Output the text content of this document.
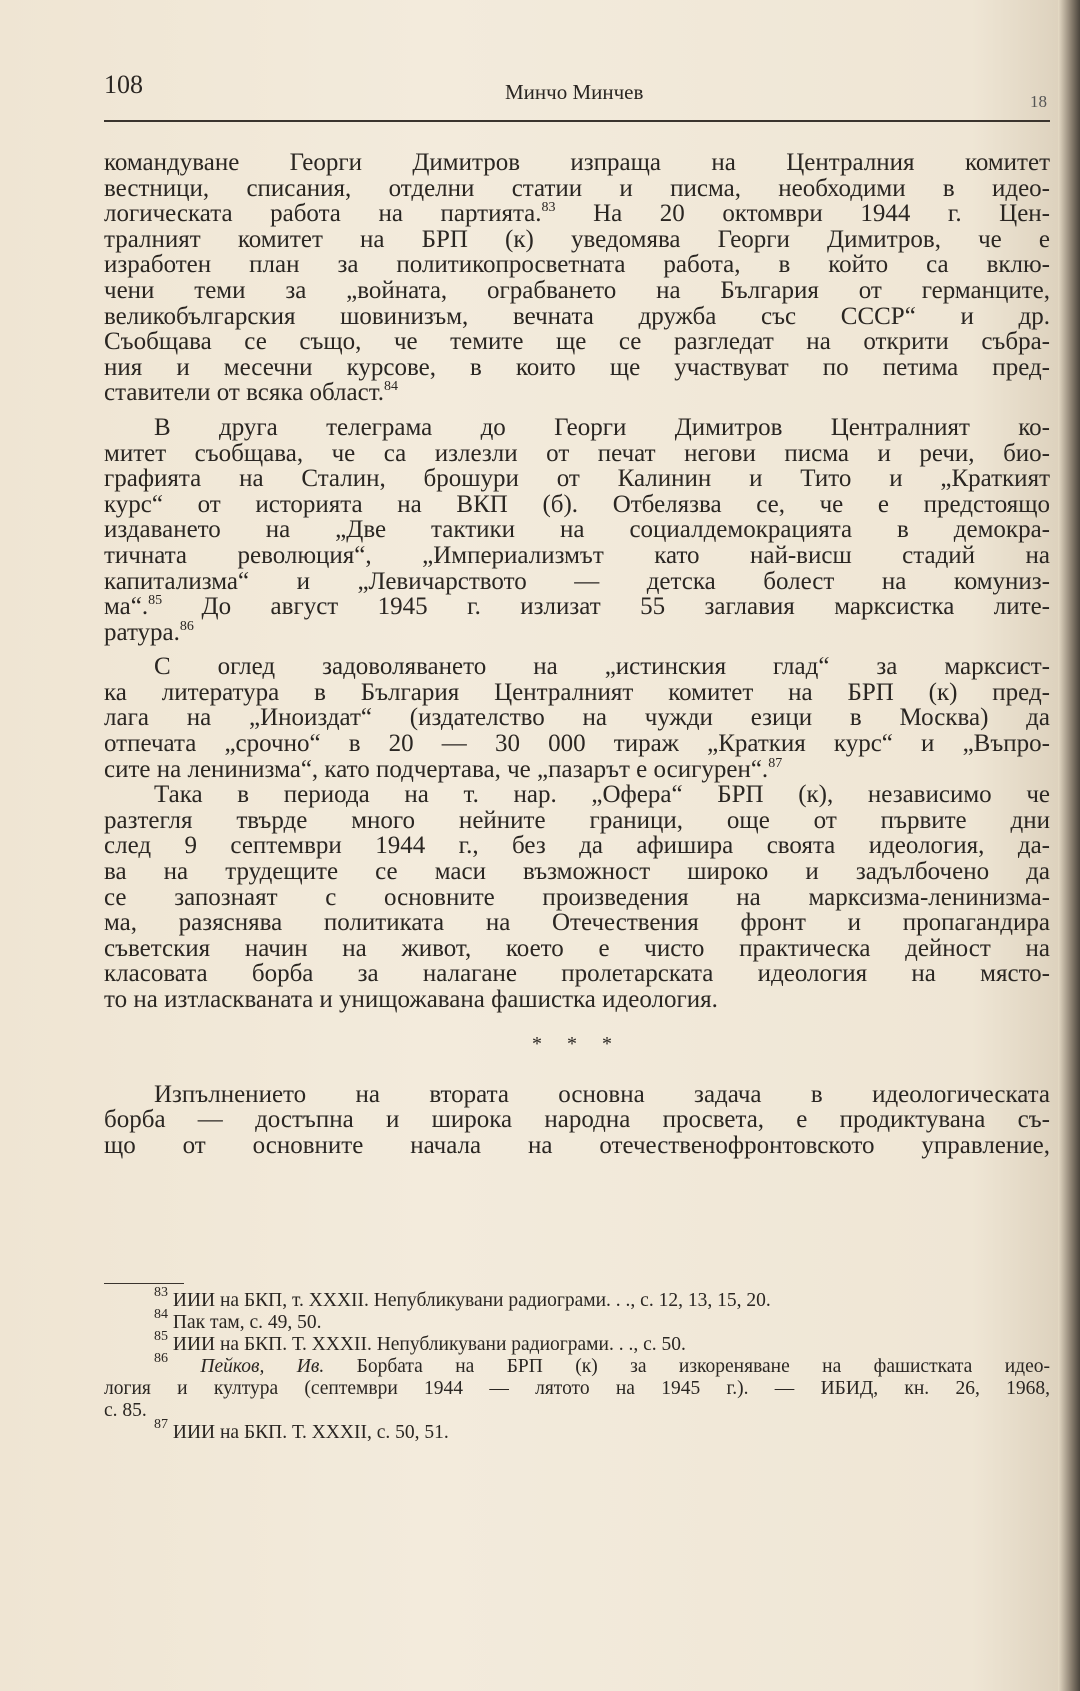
108	Минчо Минчев	18
командуване Георги Димитров изпраща на Централния комитет
вестници, списания, отделни статии и писма, необходими в идео-
логическата работа на партията.$^{83}$ На 20 октомври 1944 г. Цен-
тралният комитет на БРП (к) уведомява Георги Димитров, че е
изработен план за политикопросветната работа, в който са вклю-
чени теми за „войната, ограбването на България от германците,
великобългарския шовинизъм, вечната дружба със СССР“ и др.
Съобщава се също, че темите ще се разгледат на открити събра-
ния и месечни курсове, в които ще участвуват по петима пред-
ставители от всяка област.$^{84}$
В друга телеграма до Георги Димитров Централният ко-
митет съобщава, че са излезли от печат негови писма и речи, био-
графията на Сталин, брошури от Калинин и Тито и „Краткият
курс“ от историята на ВКП (б). Отбелязва се, че е предстоящо
издаването на „Две тактики на социалдемокрацията в демокра-
тичната революция“, „Империализмът като най-висш стадий на
капитализма“ и „Левичарството — детска болест на комуниз-
ма“.$^{85}$ До август 1945 г. излизат 55 заглавия марксистка лите-
ратура.$^{86}$
С оглед задоволяването на „истинския глад“ за марксист-
ка литература в България Централният комитет на БРП (к) пред-
лага на „Иноиздат“ (издателство на чужди езици в Москва) да
отпечата „срочно“ в 20 — 30 000 тираж „Краткия курс“ и „Въпро-
сите на ленинизма“, като подчертава, че „пазарът е осигурен“.$^{87}$
Така в периода на т. нар. „Офера“ БРП (к), независимо че
разтегля твърде много нейните граници, още от първите дни
след 9 септември 1944 г., без да афишира своята идеология, да-
ва на трудещите се маси възможност широко и задълбочено да
се запознаят с основните произведения на марксизма-ленинизма-
ма, разяснява политиката на Отечествения фронт и пропагандира
съветския начин на живот, което е чисто практическа дейност на
класовата борба за налагане пролетарската идеология на място-
то на изтласкваната и унищожавана фашистка идеология.
* * *
Изпълнението на втората основна задача в идеологическата
борба — достъпна и широка народна просвета, е продиктувана съ-
що от основните начала на отечественофронтовското управление,
$^{83}$ ИИИ на БКП, т. XXXII. Непубликувани радиограми. . ., с. 12, 13, 15, 20.
$^{84}$ Пак там, с. 49, 50.
$^{85}$ ИИИ на БКП. Т. XXXII. Непубликувани радиограми. . ., с. 50.
$^{86}$ Пейков, Ив. Борбата на БРП (к) за изкореняване на фашистката идео-
логия и култура (септември 1944 — лятото на 1945 г.). — ИБИД, кн. 26, 1968,
с. 85.
$^{87}$ ИИИ на БКП. Т. XXXII, с. 50, 51.
